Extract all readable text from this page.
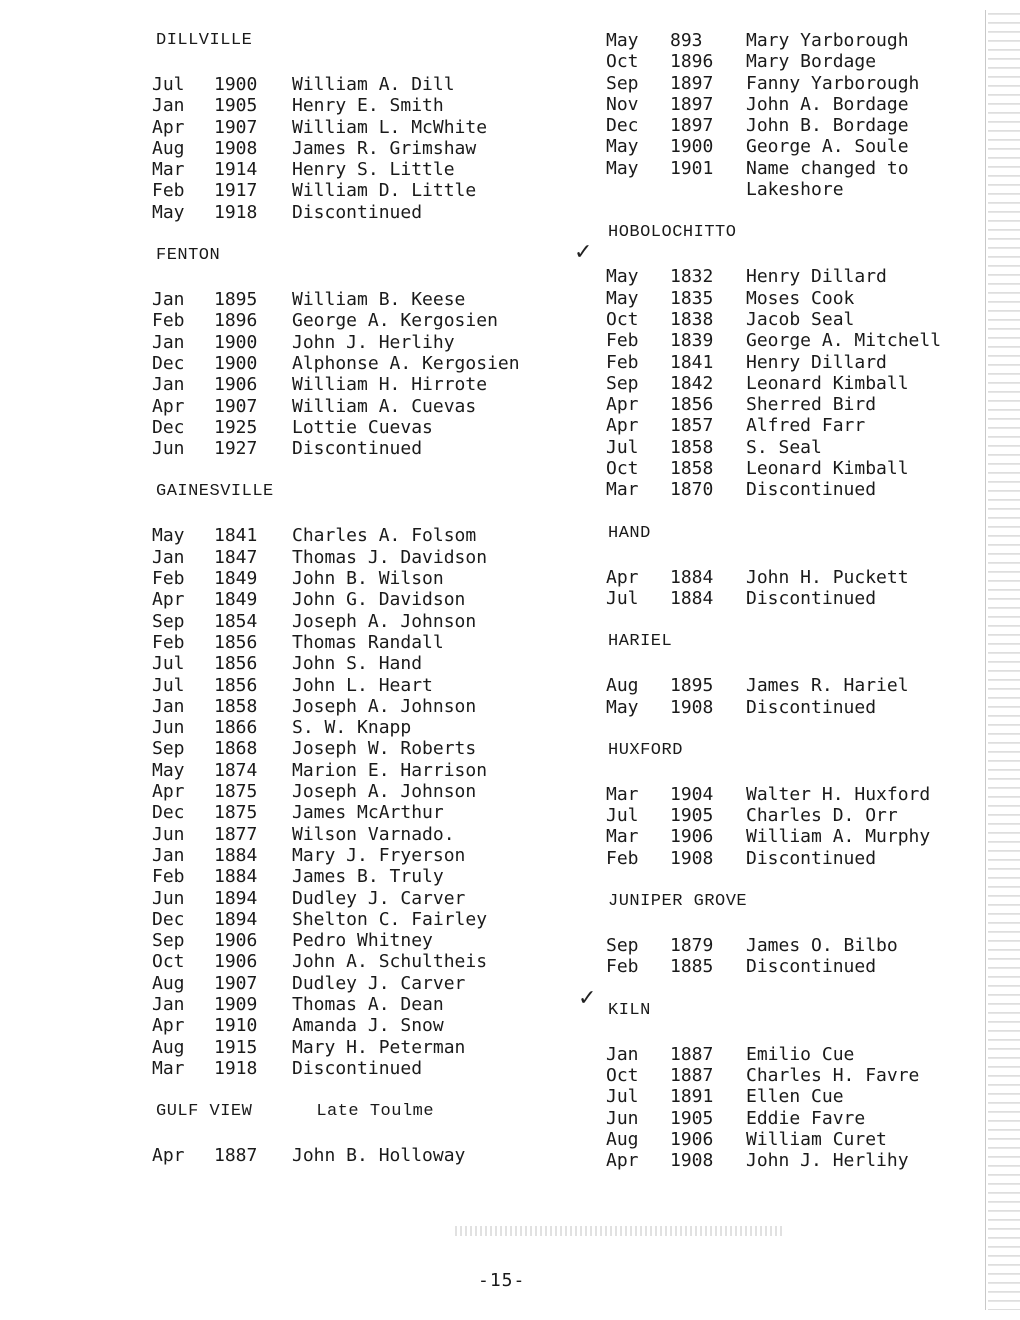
DILLVILLE
Jul	1900	William A. Dill
Jan	1905	Henry E. Smith
Apr	1907	William L. McWhite
Aug	1908	James R. Grimshaw
Mar	1914	Henry S. Little
Feb	1917	William D. Little
May	1918	Discontinued
FENTON
Jan	1895	William B. Keese
Feb	1896	George A. Kergosien
Jan	1900	John J. Herlihy
Dec	1900	Alphonse A. Kergosien
Jan	1906	William H. Hirrote
Apr	1907	William A. Cuevas
Dec	1925	Lottie Cuevas
Jun	1927	Discontinued
GAINESVILLE
May	1841	Charles A. Folsom
Jan	1847	Thomas J. Davidson
Feb	1849	John B. Wilson
Apr	1849	John G. Davidson
Sep	1854	Joseph A. Johnson
Feb	1856	Thomas Randall
Jul	1856	John S. Hand
Jul	1856	John L. Heart
Jan	1858	Joseph A. Johnson
Jun	1866	S. W. Knapp
Sep	1868	Joseph W. Roberts
May	1874	Marion E. Harrison
Apr	1875	Joseph A. Johnson
Dec	1875	James McArthur
Jun	1877	Wilson Varnado.
Jan	1884	Mary J. Fryerson
Feb	1884	James B. Truly
Jun	1894	Dudley J. Carver
Dec	1894	Shelton C. Fairley
Sep	1906	Pedro Whitney
Oct	1906	John A. Schultheis
Aug	1907	Dudley J. Carver
Jan	1909	Thomas A. Dean
Apr	1910	Amanda J. Snow
Aug	1915	Mary H. Peterman
Mar	1918	Discontinued
GULF VIEW	Late Toulme
Apr	1887	John B. Holloway
May	893	Mary Yarborough
Oct	1896	Mary Bordage
Sep	1897	Fanny Yarborough
Nov	1897	John A. Bordage
Dec	1897	John B. Bordage
May	1900	George A. Soule
May	1901	Name changed to
Lakeshore
HOBOLOCHITTO
May	1832	Henry Dillard
May	1835	Moses Cook
Oct	1838	Jacob Seal
Feb	1839	George A. Mitchell
Feb	1841	Henry Dillard
Sep	1842	Leonard Kimball
Apr	1856	Sherred Bird
Apr	1857	Alfred Farr
Jul	1858	S. Seal
Oct	1858	Leonard Kimball
Mar	1870	Discontinued
HAND
Apr	1884	John H. Puckett
Jul	1884	Discontinued
HARIEL
Aug	1895	James R. Hariel
May	1908	Discontinued
HUXFORD
Mar	1904	Walter H. Huxford
Jul	1905	Charles D. Orr
Mar	1906	William A. Murphy
Feb	1908	Discontinued
JUNIPER GROVE
Sep	1879	James O. Bilbo
Feb	1885	Discontinued
KILN
Jan	1887	Emilio Cue
Oct	1887	Charles H. Favre
Jul	1891	Ellen Cue
Jun	1905	Eddie Favre
Aug	1906	William Curet
Apr	1908	John J. Herlihy
✓
✓
-15-
